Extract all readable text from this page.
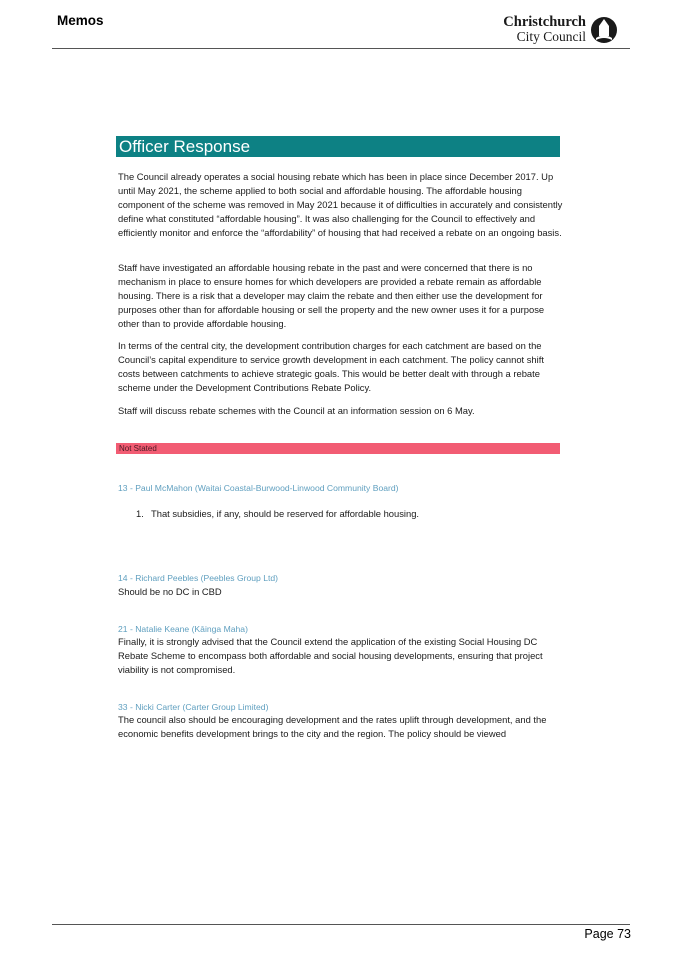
Memos	Christchurch
City Council
Officer Response
The Council already operates a social housing rebate which has been in place since December 2017. Up until May 2021, the scheme applied to both social and affordable housing. The affordable housing component of the scheme was removed in May 2021 because it of difficulties in accurately and consistently define what constituted “affordable housing”. It was also challenging for the Council to effectively and efficiently monitor and enforce the “affordability” of housing that had received a rebate on an ongoing basis.
Staff have investigated an affordable housing rebate in the past and were concerned that there is no mechanism in place to ensure homes for which developers are provided a rebate remain as affordable housing. There is a risk that a developer may claim the rebate and then either use the development for purposes other than for affordable housing or sell the property and the new owner uses it for a purpose other than to provide affordable housing.
In terms of the central city, the development contribution charges for each catchment are based on the Council’s capital expenditure to service growth development in each catchment. The policy cannot shift costs between catchments to achieve strategic goals. This would be better dealt with through a rebate scheme under the Development Contributions Rebate Policy.
Staff will discuss rebate schemes with the Council at an information session on 6 May.
Not Stated
13 - Paul McMahon (Waitai Coastal-Burwood-Linwood Community Board)
1. That subsidies, if any, should be reserved for affordable housing.
14 - Richard Peebles (Peebles Group Ltd)
Should be no DC in CBD
21 - Natalie Keane (Kāinga Maha)
Finally, it is strongly advised that the Council extend the application of the existing Social Housing DC Rebate Scheme to encompass both affordable and social housing developments, ensuring that project viability is not compromised.
33 - Nicki Carter (Carter Group Limited)
The council also should be encouraging development and the rates uplift through development, and the economic benefits development brings to the city and the region. The policy should be viewed
Page 73
